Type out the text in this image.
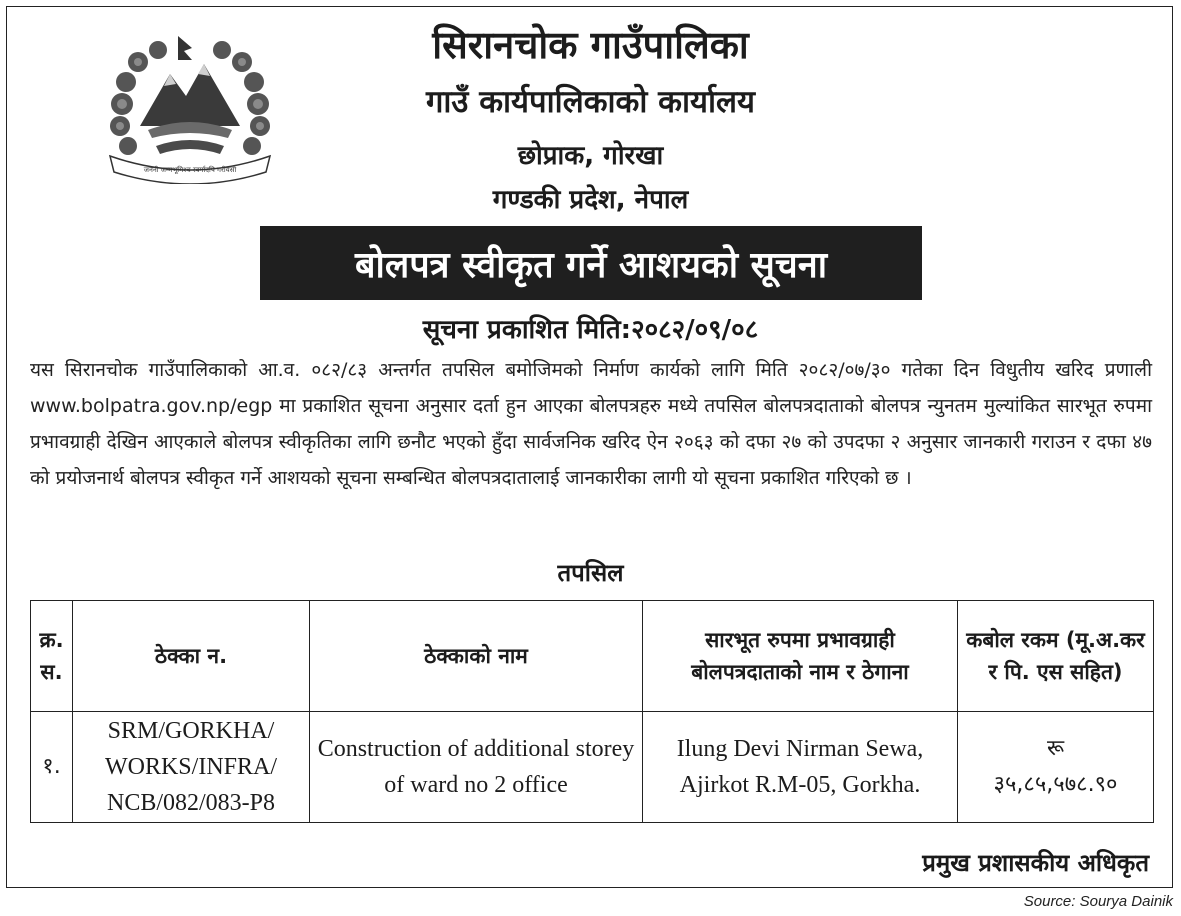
जननी जन्मभूमिश्च स्वर्गादपि गरीयसी
सिरानचोक गाउँपालिका
गाउँ कार्यपालिकाको कार्यालय
छोप्राक, गोरखा
गण्डकी प्रदेश, नेपाल
बोलपत्र स्वीकृत गर्ने आशयको सूचना
सूचना प्रकाशित मिति:२०८२/०९/०८
यस सिरानचोक गाउँपालिकाको आ.व. ०८२/८३ अन्तर्गत तपसिल बमोजिमको निर्माण कार्यको लागि मिति २०८२/०७/३० गतेका दिन विधुतीय खरिद प्रणाली www.bolpatra.gov.np/egp मा प्रकाशित सूचना अनुसार दर्ता हुन आएका बोलपत्रहरु मध्ये तपसिल बोलपत्रदाताको बोलपत्र न्युनतम मुल्यांकित सारभूत रुपमा प्रभावग्राही देखिन आएकाले बोलपत्र स्वीकृतिका लागि छनौट भएको हुँदा सार्वजनिक खरिद ऐन २०६३ को दफा २७ को उपदफा २ अनुसार जानकारी गराउन र दफा ४७ को प्रयोजनार्थ बोलपत्र स्वीकृत गर्ने आशयको सूचना सम्बन्धित बोलपत्रदातालाई जानकारीका लागी यो सूचना प्रकाशित गरिएको छ ।
तपसिल
क्र. स.	ठेक्का न.	ठेक्काको नाम	सारभूत रुपमा प्रभावग्राही बोलपत्रदाताको नाम र ठेगाना	कबोल रकम (मू.अ.कर र पि. एस सहित)
१.	SRM/GORKHA/ WORKS/INFRA/ NCB/082/083-P8	Construction of additional storey of ward no 2 office	Ilung Devi Nirman Sewa, Ajirkot R.M-05, Gorkha.	रू
३५,८५,५७८.९०
प्रमुख प्रशासकीय अधिकृत
Source: Sourya Dainik
